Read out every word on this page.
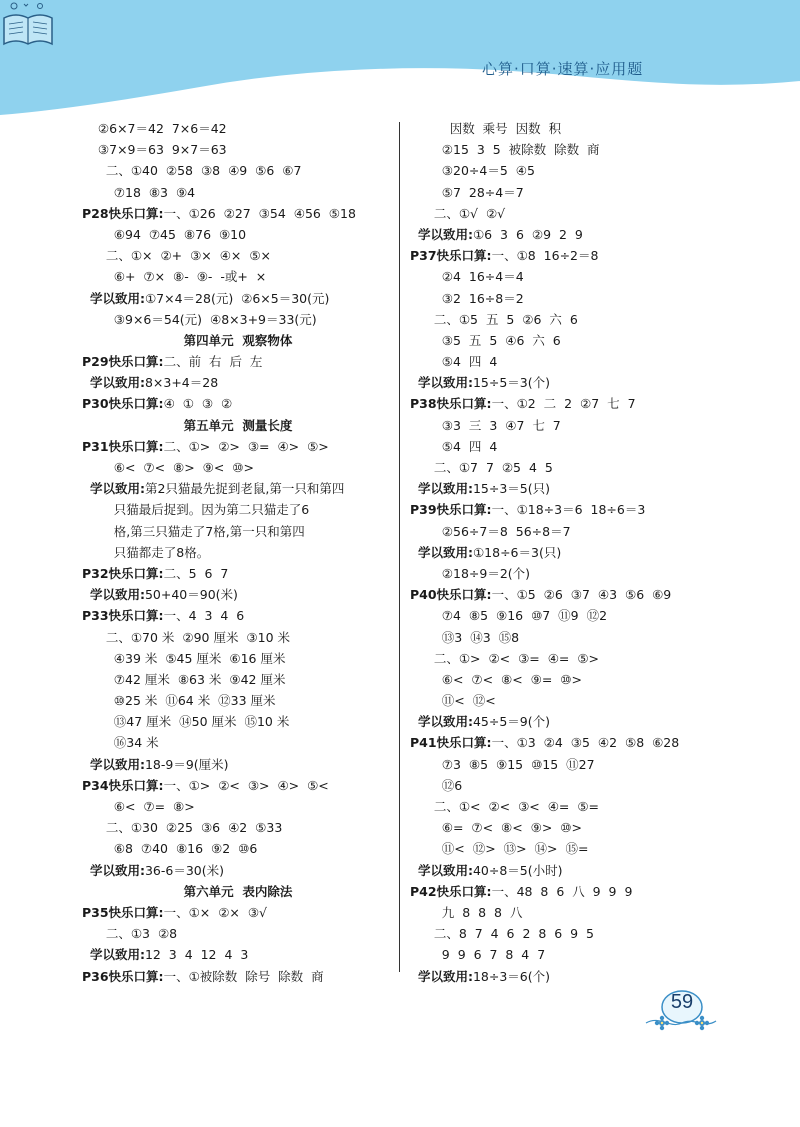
心算·口算·速算·应用题
②6×7＝42  7×6＝42
③7×9＝63  9×7＝63
二、①40  ②58  ③8  ④9  ⑤6  ⑥7
⑦18  ⑧3  ⑨4
P28快乐口算:一、①26  ②27  ③54  ④56  ⑤18
⑥94  ⑦45  ⑧76  ⑨10
二、①×  ②+  ③×  ④×  ⑤×
⑥+  ⑦×  ⑧-  ⑨-  -或+  ×
学以致用:①7×4＝28(元)  ②6×5＝30(元)
③9×6＝54(元)  ④8×3+9＝33(元)
第四单元  观察物体
P29快乐口算:二、前  右  后  左
学以致用:8×3+4＝28
P30快乐口算:④  ①  ③  ②
第五单元  测量长度
P31快乐口算:二、①>  ②>  ③=  ④>  ⑤>
⑥<  ⑦<  ⑧>  ⑨<  ⑩>
学以致用:第2只猫最先捉到老鼠,第一只和第四
只猫最后捉到。因为第二只猫走了6
格,第三只猫走了7格,第一只和第四
只猫都走了8格。
P32快乐口算:二、5  6  7
学以致用:50+40＝90(米)
P33快乐口算:一、4  3  4  6
二、①70 米  ②90 厘米  ③10 米
④39 米  ⑤45 厘米  ⑥16 厘米
⑦42 厘米  ⑧63 米  ⑨42 厘米
⑩25 米  ⑪64 米  ⑫33 厘米
⑬47 厘米  ⑭50 厘米  ⑮10 米
⑯34 米
学以致用:18-9＝9(厘米)
P34快乐口算:一、①>  ②<  ③>  ④>  ⑤<
⑥<  ⑦=  ⑧>
二、①30  ②25  ③6  ④2  ⑤33
⑥8  ⑦40  ⑧16  ⑨2  ⑩6
学以致用:36-6＝30(米)
第六单元  表内除法
P35快乐口算:一、①×  ②×  ③√
二、①3  ②8
学以致用:12  3  4  12  4  3
P36快乐口算:一、①被除数  除号  除数  商
因数  乘号  因数  积
②15  3  5  被除数  除数  商
③20÷4＝5  ④5
⑤7  28÷4＝7
二、①√  ②√
学以致用:①6  3  6  ②9  2  9
P37快乐口算:一、①8  16÷2＝8
②4  16÷4＝4
③2  16÷8＝2
二、①5  五  5  ②6  六  6
③5  五  5  ④6  六  6
⑤4  四  4
学以致用:15÷5＝3(个)
P38快乐口算:一、①2  二  2  ②7  七  7
③3  三  3  ④7  七  7
⑤4  四  4
二、①7  7  ②5  4  5
学以致用:15÷3＝5(只)
P39快乐口算:一、①18÷3＝6  18÷6＝3
②56÷7＝8  56÷8＝7
学以致用:①18÷6＝3(只)
②18÷9＝2(个)
P40快乐口算:一、①5  ②6  ③7  ④3  ⑤6  ⑥9
⑦4  ⑧5  ⑨16  ⑩7  ⑪9  ⑫2
⑬3  ⑭3  ⑮8
二、①>  ②<  ③=  ④=  ⑤>
⑥<  ⑦<  ⑧<  ⑨=  ⑩>
⑪<  ⑫<
学以致用:45÷5＝9(个)
P41快乐口算:一、①3  ②4  ③5  ④2  ⑤8  ⑥28
⑦3  ⑧5  ⑨15  ⑩15  ⑪27
⑫6
二、①<  ②<  ③<  ④=  ⑤=
⑥=  ⑦<  ⑧<  ⑨>  ⑩>
⑪<  ⑫>  ⑬>  ⑭>  ⑮=
学以致用:40÷8＝5(小时)
P42快乐口算:一、48  8  6  八  9  9  9
九  8  8  8  八
二、8  7  4  6  2  8  6  9  5
9  9  6  7  8  4  7
学以致用:18÷3＝6(个)
59
